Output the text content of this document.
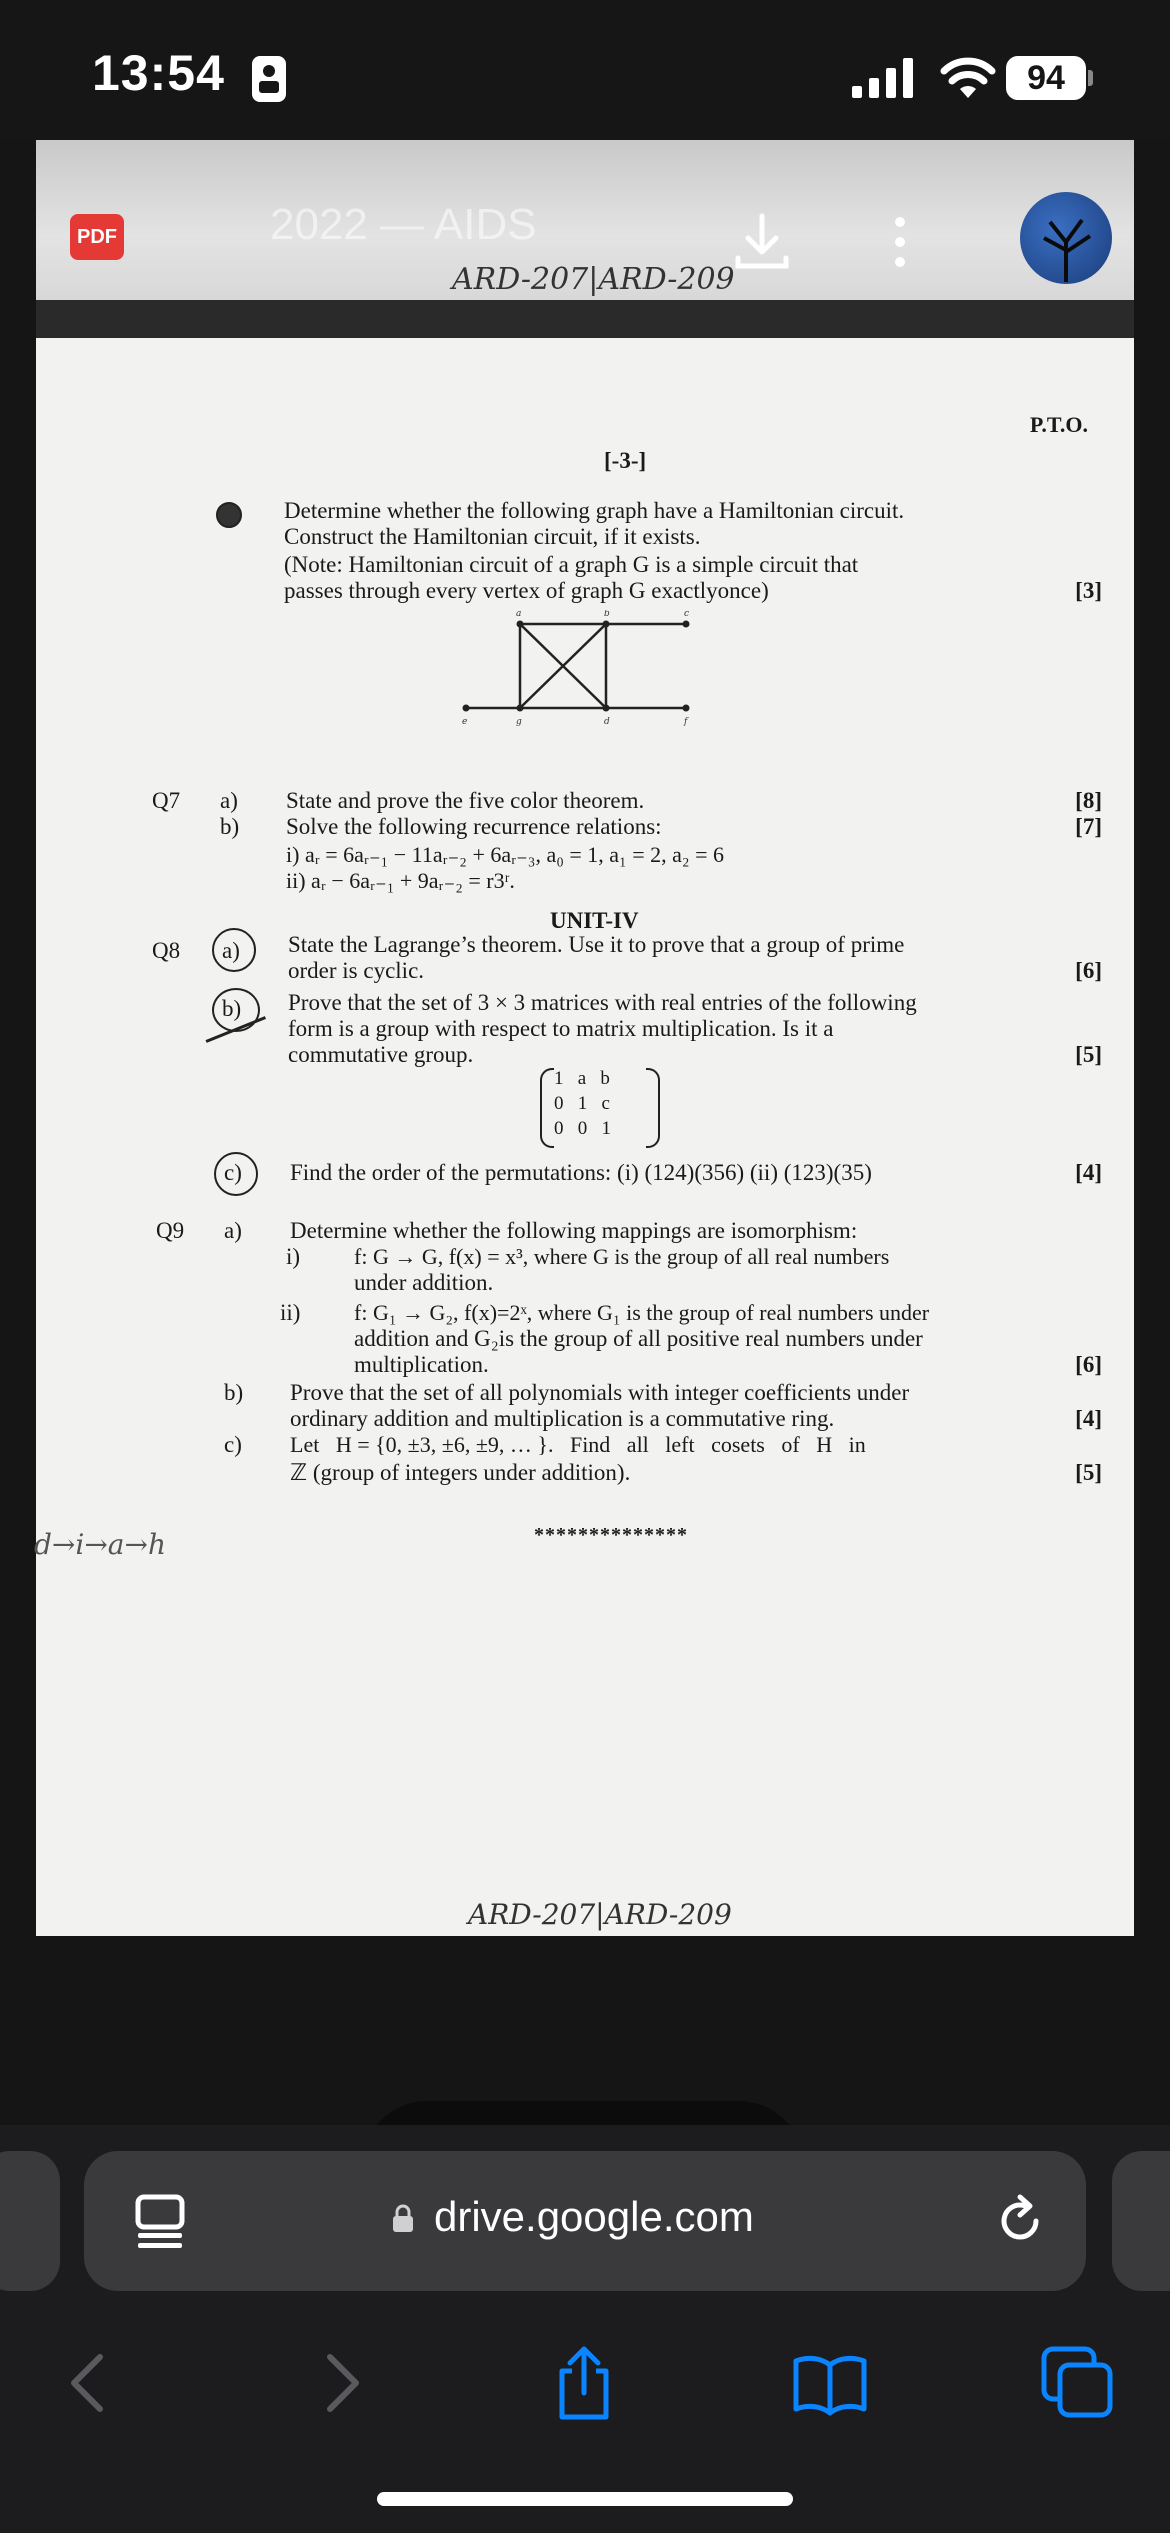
13:54	94
PDF	2022 — AIDS
ARD-207|ARD-209
P.T.O.
[-3-]
Determine whether the following graph have a Hamiltonian circuit.
Construct the Hamiltonian circuit, if it exists.
(Note: Hamiltonian circuit of a graph G is a simple circuit that
passes through every vertex of graph G exactlyonce)	[3]
a	b	c
d
e	f
g
Q7 a) State and prove the five color theorem.	[8]
b) Solve the following recurrence relations:	[7]
i) aᵣ = 6aᵣ₋₁ − 11aᵣ₋₂ + 6aᵣ₋₃, a₀ = 1, a₁ = 2, a₂ = 6
ii) aᵣ − 6aᵣ₋₁ + 9aᵣ₋₂ = r3ʳ.
UNIT-IV
Q8 a) State the Lagrange’s theorem. Use it to prove that a group of prime
order is cyclic.	[6]
b) Prove that the set of 3 × 3 matrices with real entries of the following
form is a group with respect to matrix multiplication. Is it a
commutative group.	[5]
1   a   b
0   1   c
0   0   1
c) Find the order of the permutations: (i) (124)(356) (ii) (123)(35)	[4]
Q9 a) Determine whether the following mappings are isomorphism:
i) f: G → G, f(x) = x³, where G is the group of all real numbers
under addition.
ii) f: G₁ → G₂, f(x)=2ˣ, where G₁ is the group of real numbers under
addition and G₂is the group of all positive real numbers under
multiplication.	[6]
b) Prove that the set of all polynomials with integer coefficients under
ordinary addition and multiplication is a commutative ring.	[4]
c) Let   H = {0, ±3, ±6, ±9, … }.   Find   all   left   cosets   of   H   in
ℤ (group of integers under addition).	[5]
**************
d→i→a→h
ARD-207|ARD-209
drive.google.com
